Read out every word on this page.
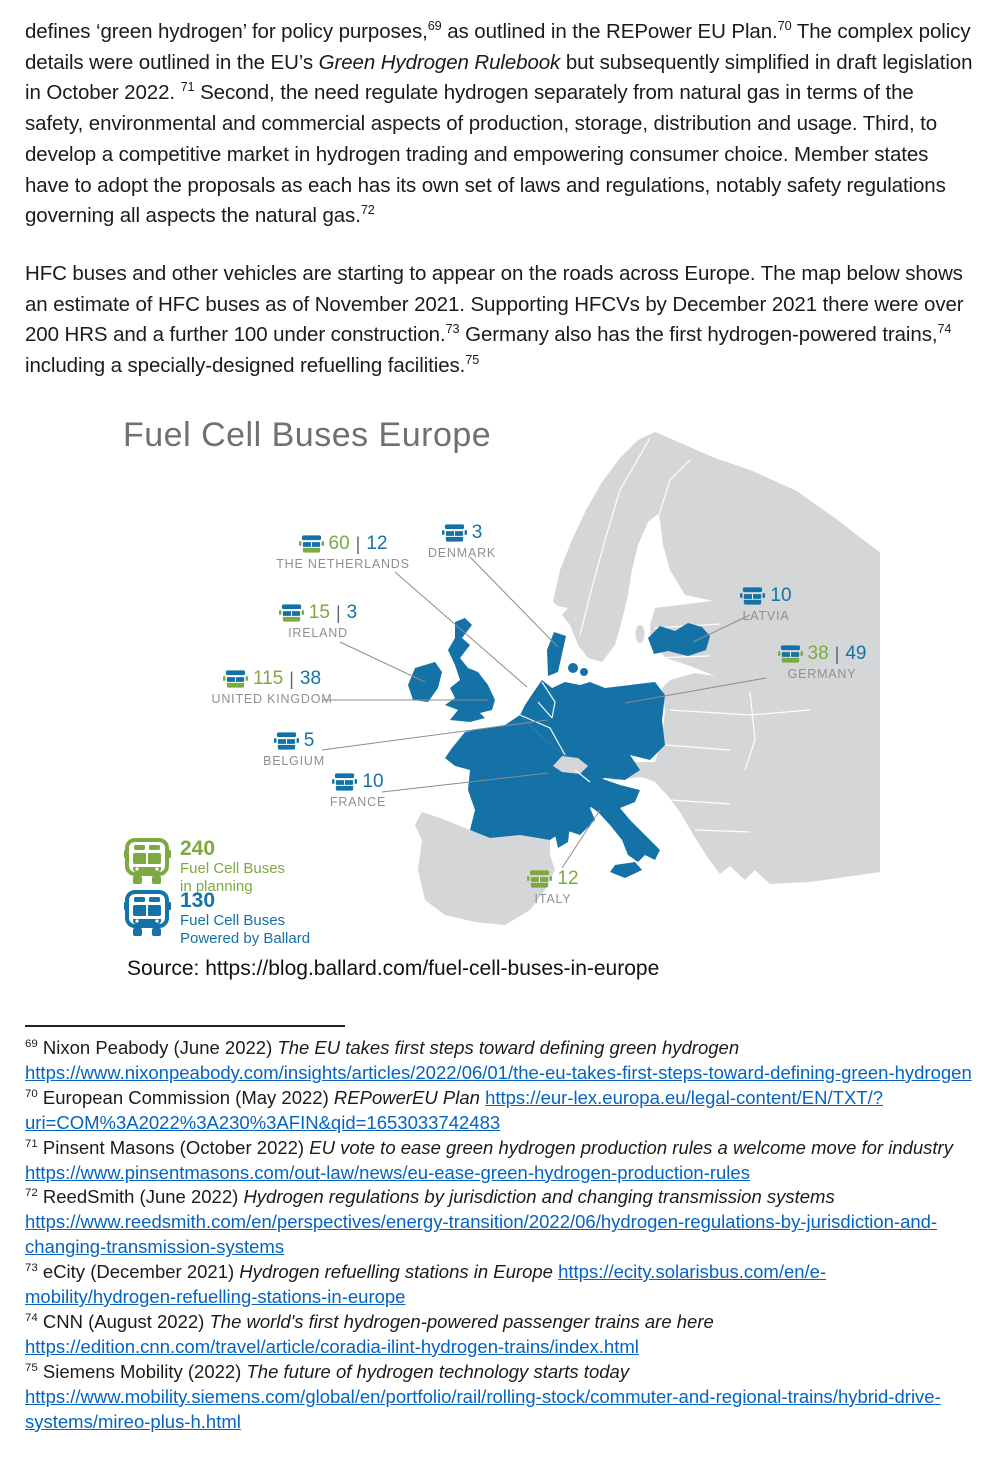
defines ‘green hydrogen’ for policy purposes,$^{69}$ as outlined in the REPower EU Plan.$^{70}$ The complex policy details were outlined in the EU’s Green Hydrogen Rulebook but subsequently simplified in draft legislation in October 2022. $^{71}$ Second, the need regulate hydrogen separately from natural gas in terms of the safety, environmental and commercial aspects of production, storage, distribution and usage. Third, to develop a competitive market in hydrogen trading and empowering consumer choice. Member states have to adopt the proposals as each has its own set of laws and regulations, notably safety regulations governing all aspects the natural gas.$^{72}$

HFC buses and other vehicles are starting to appear on the roads across Europe. The map below shows an estimate of HFC buses as of November 2021. Supporting HFCVs by December 2021 there were over 200 HRS and a further 100 under construction.$^{73}$ Germany also has the first hydrogen-powered trains,$^{74}$ including a specially-designed refuelling facilities.$^{75}$

Fuel Cell Buses Europe
60 | 12
THE NETHERLANDS
3
DENMARK
15 | 3
IRELAND
115 | 38
UNITED KINGDOM
5
BELGIUM
10
FRANCE
10
LATVIA
38 | 49
GERMANY
12
ITALY
240
Fuel Cell Buses
in planning
130
Fuel Cell Buses
Powered by Ballard
Source: https://blog.ballard.com/fuel-cell-buses-in-europe
$^{69}$ Nixon Peabody (June 2022) The EU takes first steps toward defining green hydrogen https://www.nixonpeabody.com/insights/articles/2022/06/01/the-eu-takes-first-steps-toward-defining-green-hydrogen
$^{70}$ European Commission (May 2022) REPowerEU Plan https://eur-lex.europa.eu/legal-content/EN/TXT/?uri=COM%3A2022%3A230%3AFIN&qid=1653033742483
$^{71}$ Pinsent Masons (October 2022) EU vote to ease green hydrogen production rules a welcome move for industry https://www.pinsentmasons.com/out-law/news/eu-ease-green-hydrogen-production-rules
$^{72}$ ReedSmith (June 2022) Hydrogen regulations by jurisdiction and changing transmission systems https://www.reedsmith.com/en/perspectives/energy-transition/2022/06/hydrogen-regulations-by-jurisdiction-and-changing-transmission-systems
$^{73}$ eCity (December 2021) Hydrogen refuelling stations in Europe https://ecity.solarisbus.com/en/e-mobility/hydrogen-refuelling-stations-in-europe
$^{74}$ CNN (August 2022) The world's first hydrogen-powered passenger trains are here https://edition.cnn.com/travel/article/coradia-ilint-hydrogen-trains/index.html
$^{75}$ Siemens Mobility (2022) The future of hydrogen technology starts today https://www.mobility.siemens.com/global/en/portfolio/rail/rolling-stock/commuter-and-regional-trains/hybrid-drive-systems/mireo-plus-h.html
